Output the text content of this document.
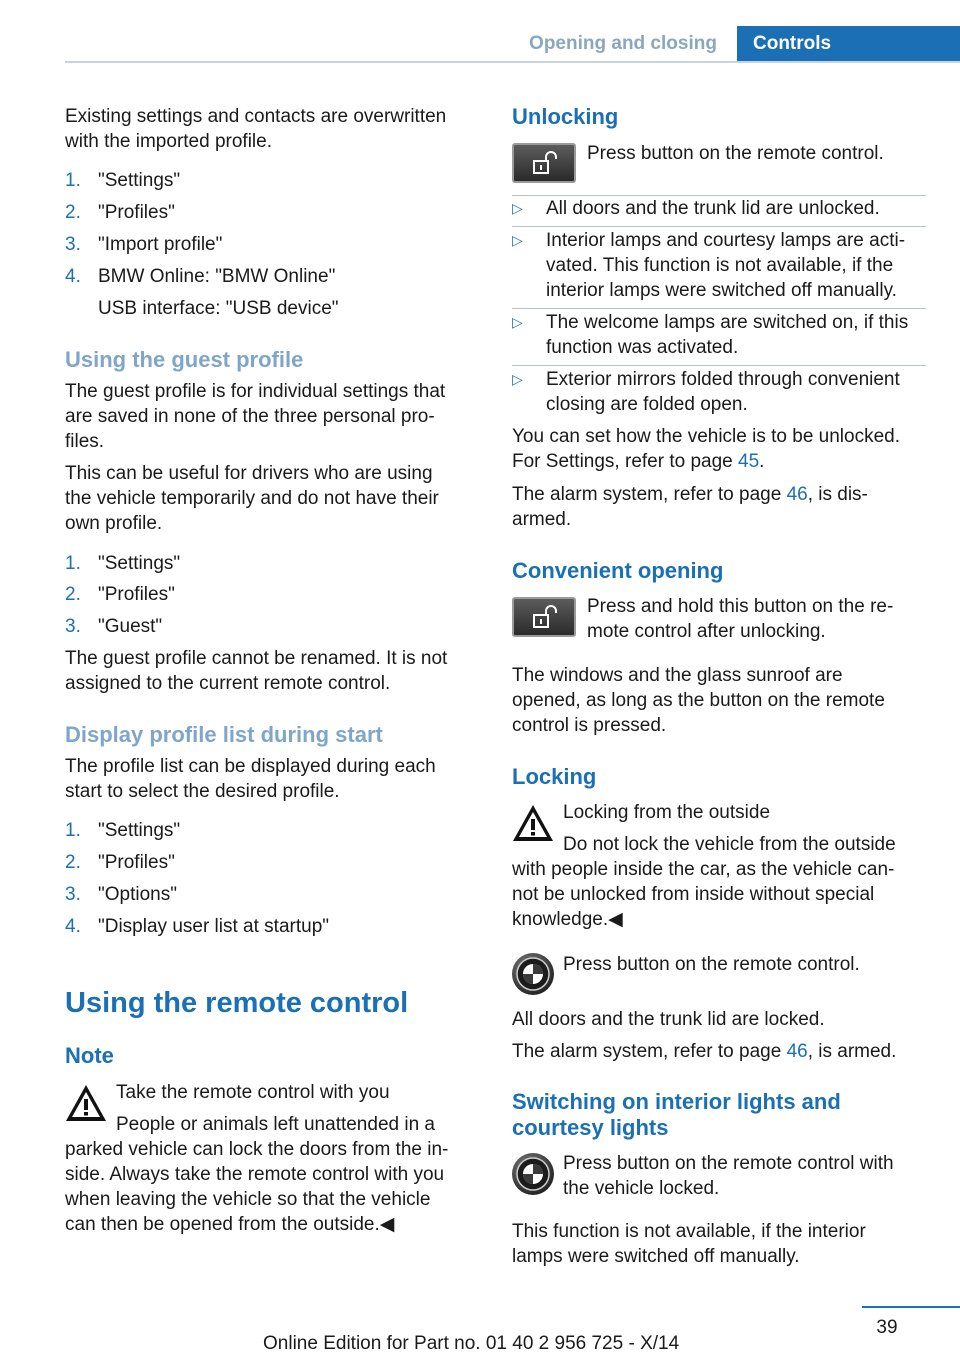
Opening and closing	Controls
Existing settings and contacts are overwritten
with the imported profile.
1. "Settings"
2. "Profiles"
3. "Import profile"
4. BMW Online: "BMW Online"
USB interface: "USB device"
Using the guest profile
The guest profile is for individual settings that
are saved in none of the three personal pro‐
files.
This can be useful for drivers who are using
the vehicle temporarily and do not have their
own profile.
1. "Settings"
2. "Profiles"
3. "Guest"
The guest profile cannot be renamed. It is not
assigned to the current remote control.
Display profile list during start
The profile list can be displayed during each
start to select the desired profile.
1. "Settings"
2. "Profiles"
3. "Options"
4. "Display user list at startup"
Using the remote control
Note
Take the remote control with you
People or animals left unattended in a
parked vehicle can lock the doors from the in‐
side. Always take the remote control with you
when leaving the vehicle so that the vehicle
can then be opened from the outside.◀
Unlocking
Press button on the remote control.
▷ All doors and the trunk lid are unlocked.
▷ Interior lamps and courtesy lamps are acti‐
vated. This function is not available, if the
interior lamps were switched off manually.
▷ The welcome lamps are switched on, if this
function was activated.
▷ Exterior mirrors folded through convenient
closing are folded open.
You can set how the vehicle is to be unlocked.
For Settings, refer to page 45.
The alarm system, refer to page 46, is dis‐
armed.
Convenient opening
Press and hold this button on the re‐
mote control after unlocking.
The windows and the glass sunroof are
opened, as long as the button on the remote
control is pressed.
Locking
Locking from the outside
Do not lock the vehicle from the outside
with people inside the car, as the vehicle can‐
not be unlocked from inside without special
knowledge.◀
Press button on the remote control.
All doors and the trunk lid are locked.
The alarm system, refer to page 46, is armed.
Switching on interior lights and
courtesy lights
Press button on the remote control with
the vehicle locked.
This function is not available, if the interior
lamps were switched off manually.
39
Online Edition for Part no. 01 40 2 956 725 - X/14
